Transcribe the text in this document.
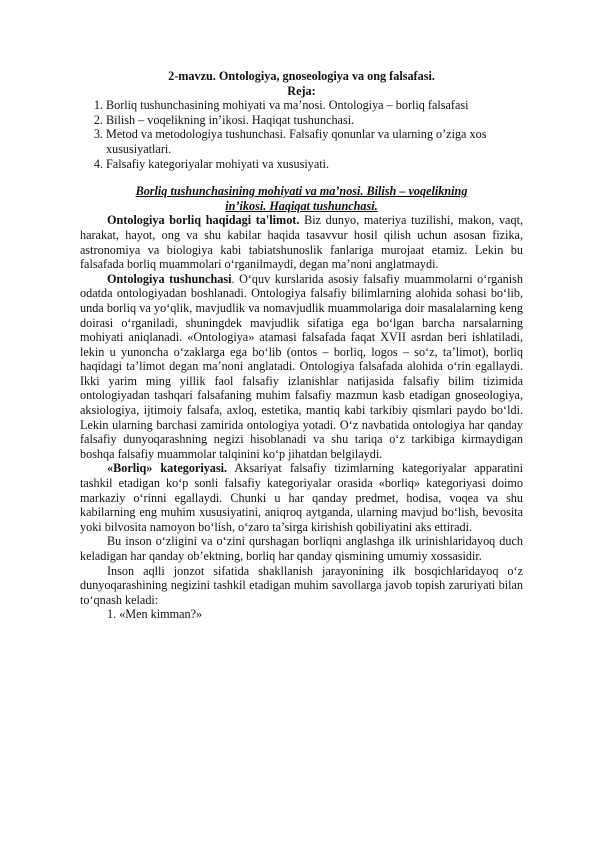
2-mavzu. Ontologiya, gnoseologiya va ong falsafasi.

Reja:

1. Borliq tushunchasining mohiyati va ma’nosi. Ontologiya – borliq falsafasi
2. Bilish – voqelikning in’ikosi. Haqiqat tushunchasi.
3. Metod va metodologiya tushunchasi. Falsafiy qonunlar va ularning o’ziga xos xususiyatlari.
4. Falsafiy kategoriyalar mohiyati va xususiyati.

Borliq tushunchasining mohiyati va ma’nosi. Bilish – voqelikning
in’ikosi. Haqiqat tushunchasi.

Ontologiya borliq haqidagi ta'limot. Biz dunyo, materiya tuzilishi, makon, vaqt, harakat, hayot, ong va shu kabilar haqida tasavvur hosil qilish uchun asosan fizika, astronomiya va biologiya kabi tabiatshunoslik fanlariga murojaat etamiz. Lekin bu falsafada borliq muammolari o‘rganilmaydi, degan ma’noni anglatmaydi.

Ontologiya tushunchasi. O‘quv kurslarida asosiy falsafiy muammolarni o‘rganish odatda ontologiyadan boshlanadi. Ontologiya falsafiy bilimlarning alohida sohasi bo‘lib, unda borliq va yo‘qlik, mavjudlik va nomavjudlik muammolariga doir masalalarning keng doirasi o‘rganiladi, shuningdek mavjudlik sifatiga ega bo‘lgan barcha narsalarning mohiyati aniqlanadi. «Ontologiya» atamasi falsafada faqat XVII asrdan beri ishlatiladi, lekin u yunoncha o‘zaklarga ega bo‘lib (ontos – borliq, logos – so‘z, ta’limot), borliq haqidagi ta’limot degan ma’noni anglatadi. Ontologiya falsafada alohida o‘rin egallaydi. Ikki yarim ming yillik faol falsafiy izlanishlar natijasida falsafiy bilim tizimida ontologiyadan tashqari falsafaning muhim falsafiy mazmun kasb etadigan gnoseologiya, aksiologiya, ijtimoiy falsafa, axloq, estetika, mantiq kabi tarkibiy qismlari paydo bo‘ldi. Lekin ularning barchasi zamirida ontologiya yotadi. O‘z navbatida ontologiya har qanday falsafiy dunyoqarashning negizi hisoblanadi va shu tariqa o‘z tarkibiga kirmaydigan boshqa falsafiy muammolar talqinini ko‘p jihatdan belgilaydi.

«Borliq» kategoriyasi. Aksariyat falsafiy tizimlarning kategoriyalar apparatini tashkil etadigan ko‘p sonli falsafiy kategoriyalar orasida «borliq» kategoriyasi doimo markaziy o‘rinni egallaydi. Chunki u har qanday predmet, hodisa, voqea va shu kabilarning eng muhim xususiyatini, aniqroq aytganda, ularning mavjud bo‘lish, bevosita yoki bilvosita namoyon bo‘lish, o‘zaro ta’sirga kirishish qobiliyatini aks ettiradi.

Bu inson o‘zligini va o‘zini qurshagan borliqni anglashga ilk urinishlaridayoq duch keladigan har qanday ob’ektning, borliq har qanday qismining umumiy xossasidir.

Inson aqlli jonzot sifatida shakllanish jarayonining ilk bosqichlaridayoq o‘z dunyoqarashining negizini tashkil etadigan muhim savollarga javob topish zaruriyati bilan to‘qnash keladi:

1. «Men kimman?»
